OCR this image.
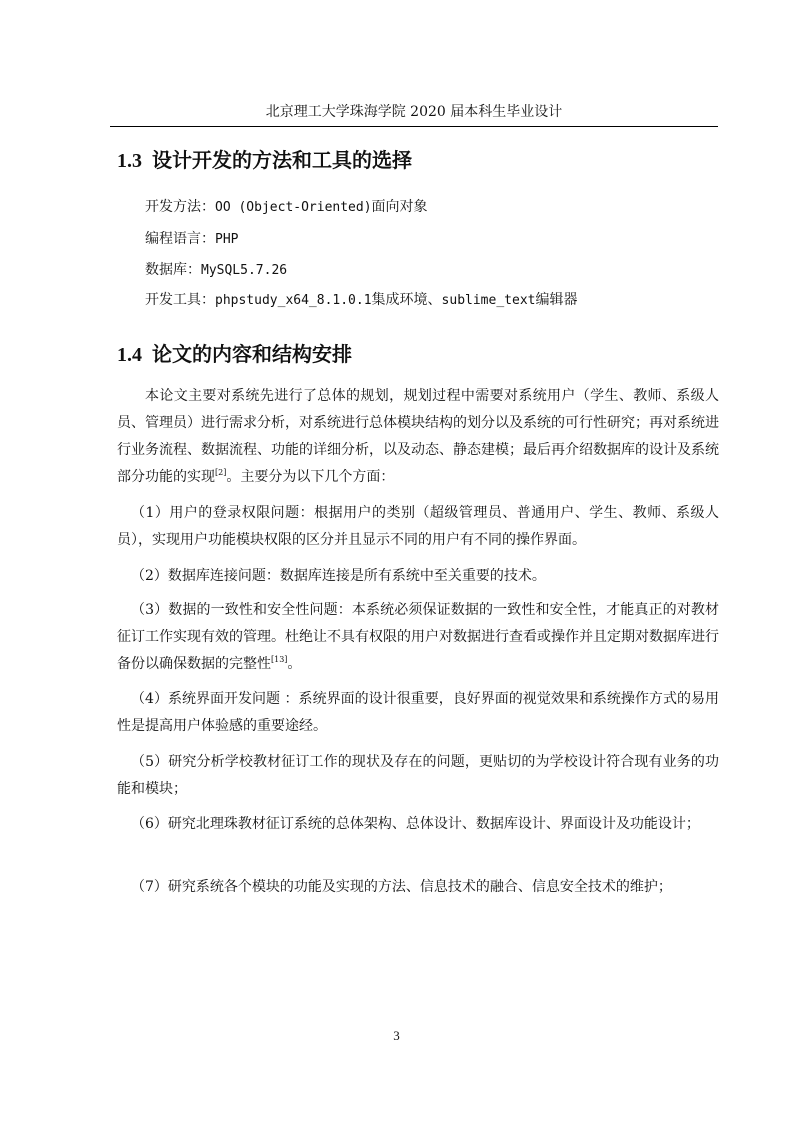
北京理工大学珠海学院 2020 届本科生毕业设计
1.3 设计开发的方法和工具的选择
开发方法：OO (Object-Oriented)面向对象
编程语言：PHP
数据库：MySQL5.7.26
开发工具：phpstudy_x64_8.1.0.1集成环境、sublime_text编辑器
1.4 论文的内容和结构安排
本论文主要对系统先进行了总体的规划，规划过程中需要对系统用户（学生、教师、系级人员、管理员）进行需求分析，对系统进行总体模块结构的划分以及系统的可行性研究；再对系统进行业务流程、数据流程、功能的详细分析，以及动态、静态建模；最后再介绍数据库的设计及系统部分功能的实现[2]。主要分为以下几个方面：
（1）用户的登录权限问题：根据用户的类别（超级管理员、普通用户、学生、教师、系级人员），实现用户功能模块权限的区分并且显示不同的用户有不同的操作界面。
（2）数据库连接问题：数据库连接是所有系统中至关重要的技术。
（3）数据的一致性和安全性问题：本系统必须保证数据的一致性和安全性，才能真正的对教材征订工作实现有效的管理。杜绝让不具有权限的用户对数据进行查看或操作并且定期对数据库进行备份以确保数据的完整性[13]。
（4）系统界面开发问题 ：系统界面的设计很重要，良好界面的视觉效果和系统操作方式的易用性是提高用户体验感的重要途经。
（5）研究分析学校教材征订工作的现状及存在的问题，更贴切的为学校设计符合现有业务的功能和模块；
（6）研究北理珠教材征订系统的总体架构、总体设计、数据库设计、界面设计及功能设计；
（7）研究系统各个模块的功能及实现的方法、信息技术的融合、信息安全技术的维护；
3
